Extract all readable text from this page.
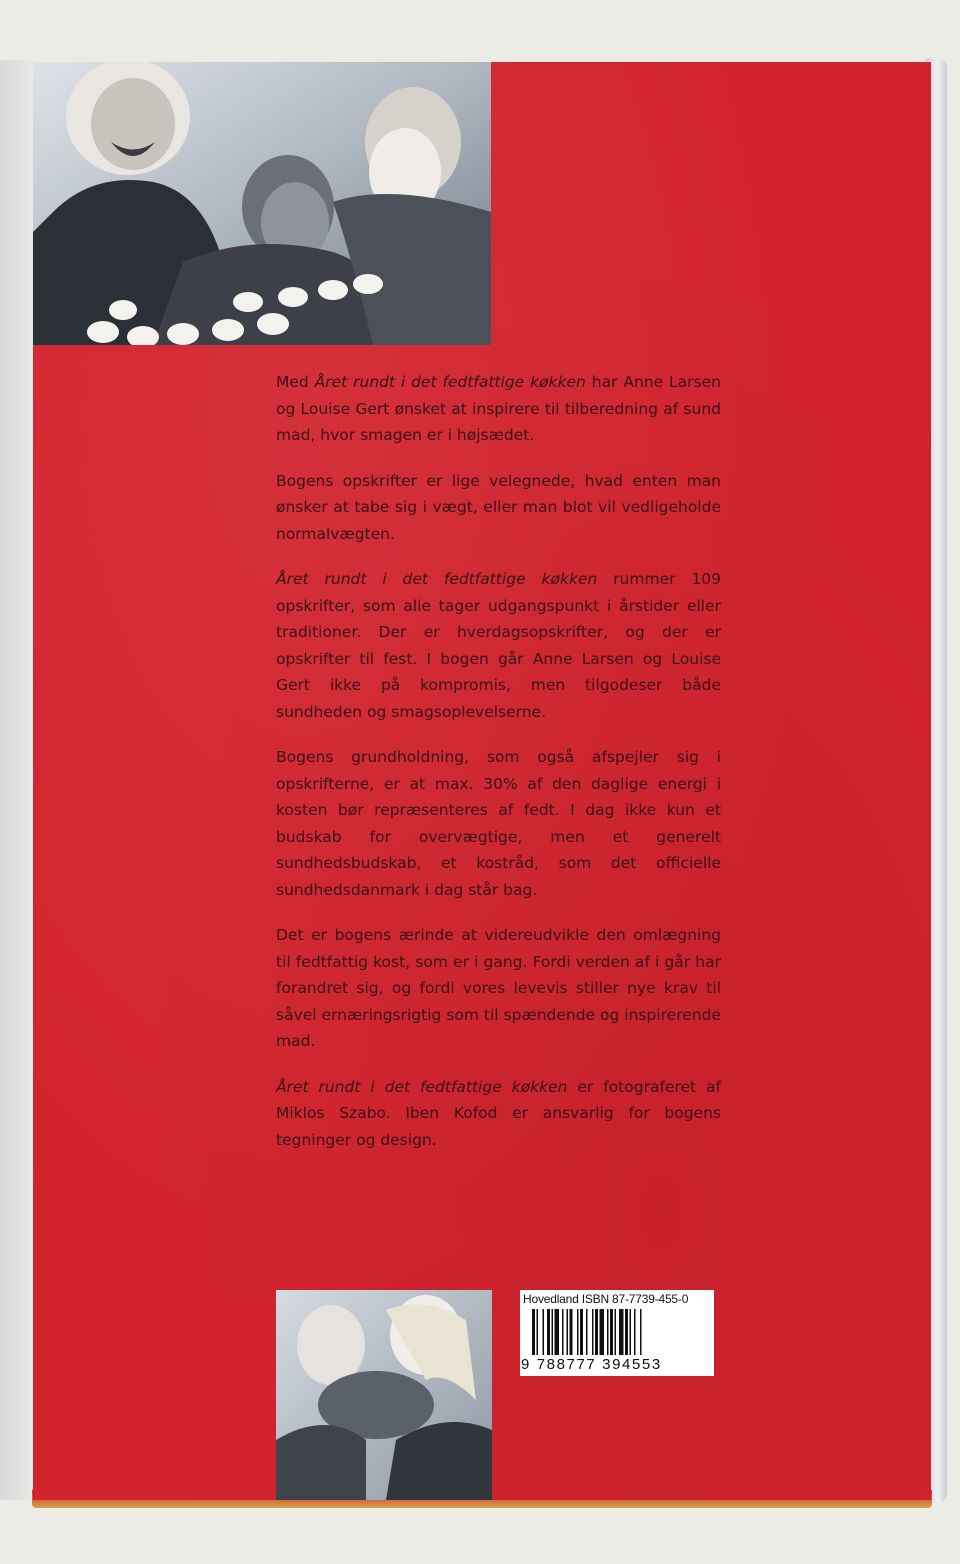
Med Året rundt i det fedtfattige køkken har Anne Larsen og Louise Gert ønsket at inspirere til tilberedning af sund mad, hvor smagen er i højsædet.

Bogens opskrifter er lige velegnede, hvad enten man ønsker at tabe sig i vægt, eller man blot vil vedligeholde normalvægten.

Året rundt i det fedtfattige køkken rummer 109 opskrifter, som alle tager udgangspunkt i årstider eller traditioner. Der er hverdagsopskrifter, og der er opskrifter til fest. I bogen går Anne Larsen og Louise Gert ikke på kompromis, men tilgodeser både sundheden og smagsoplevelserne.

Bogens grundholdning, som også afspejler sig i opskrifterne, er at max. 30% af den daglige energi i kosten bør repræsenteres af fedt. I dag ikke kun et budskab for overvægtige, men et generelt sundhedsbudskab, et kostråd, som det officielle sundhedsdanmark i dag står bag.

Det er bogens ærinde at videreudvikle den omlægning til fedtfattig kost, som er i gang. Fordi verden af i går har forandret sig, og fordi vores levevis stiller nye krav til såvel ernæringsrigtig som til spændende og inspirerende mad.

Året rundt i det fedtfattige køkken er fotograferet af Miklos Szabo. Iben Kofod er ansvarlig for bogens tegninger og design.

Hovedland ISBN 87-7739-455-0
9 788777 394553
